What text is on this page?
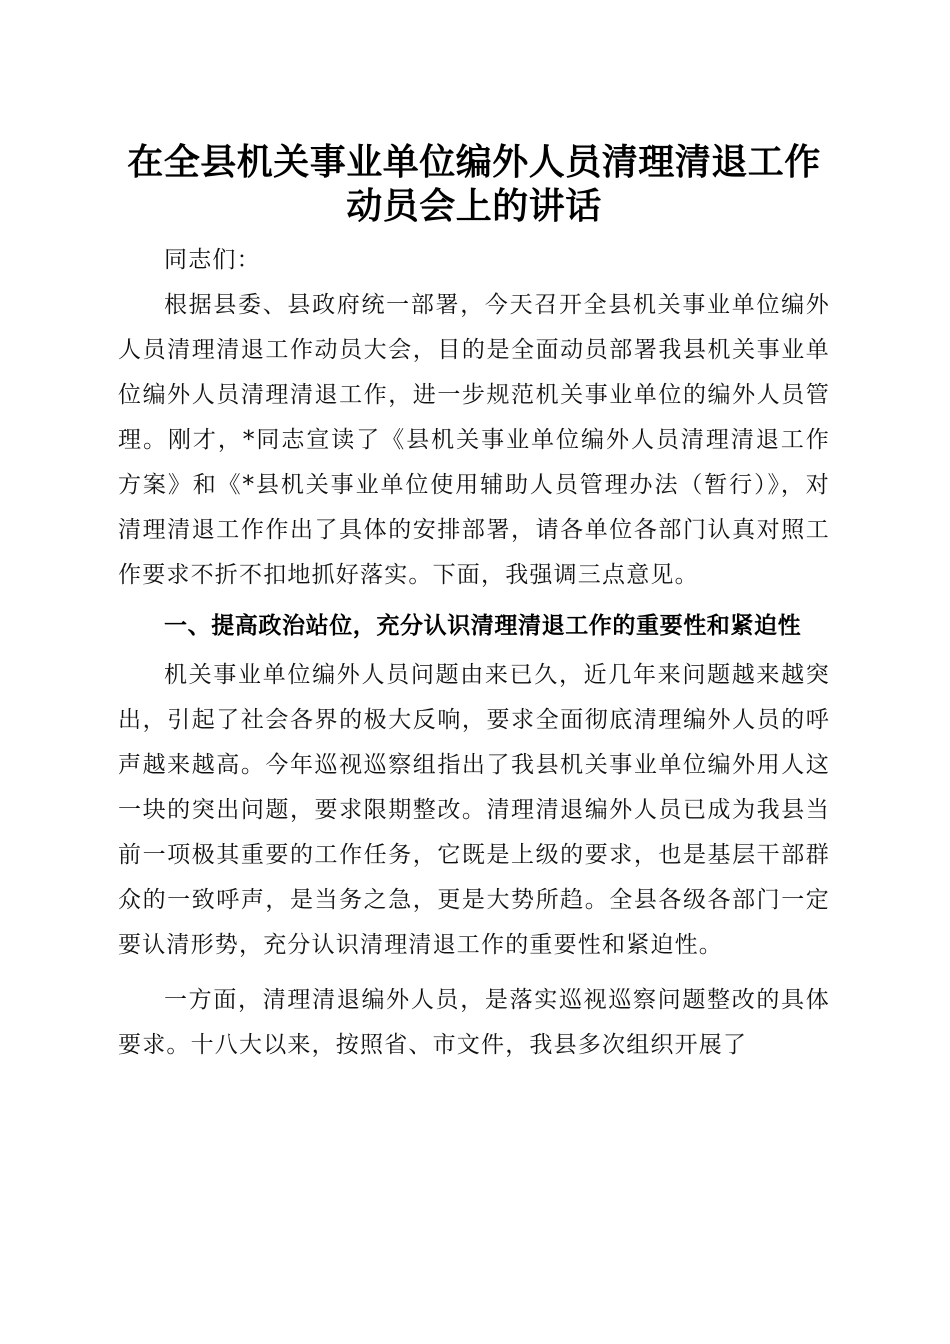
在全县机关事业单位编外人员清理清退工作动员会上的讲话

同志们：

根据县委、县政府统一部署，今天召开全县机关事业单位编外人员清理清退工作动员大会，目的是全面动员部署我县机关事业单位编外人员清理清退工作，进一步规范机关事业单位的编外人员管理。刚才，*同志宣读了《县机关事业单位编外人员清理清退工作方案》和《*县机关事业单位使用辅助人员管理办法（暂行）》，对清理清退工作作出了具体的安排部署，请各单位各部门认真对照工作要求不折不扣地抓好落实。下面，我强调三点意见。

一、提高政治站位，充分认识清理清退工作的重要性和紧迫性

机关事业单位编外人员问题由来已久，近几年来问题越来越突出，引起了社会各界的极大反响，要求全面彻底清理编外人员的呼声越来越高。今年巡视巡察组指出了我县机关事业单位编外用人这一块的突出问题，要求限期整改。清理清退编外人员已成为我县当前一项极其重要的工作任务，它既是上级的要求，也是基层干部群众的一致呼声，是当务之急，更是大势所趋。全县各级各部门一定要认清形势，充分认识清理清退工作的重要性和紧迫性。

一方面，清理清退编外人员，是落实巡视巡察问题整改的具体要求。十八大以来，按照省、市文件，我县多次组织开展了
